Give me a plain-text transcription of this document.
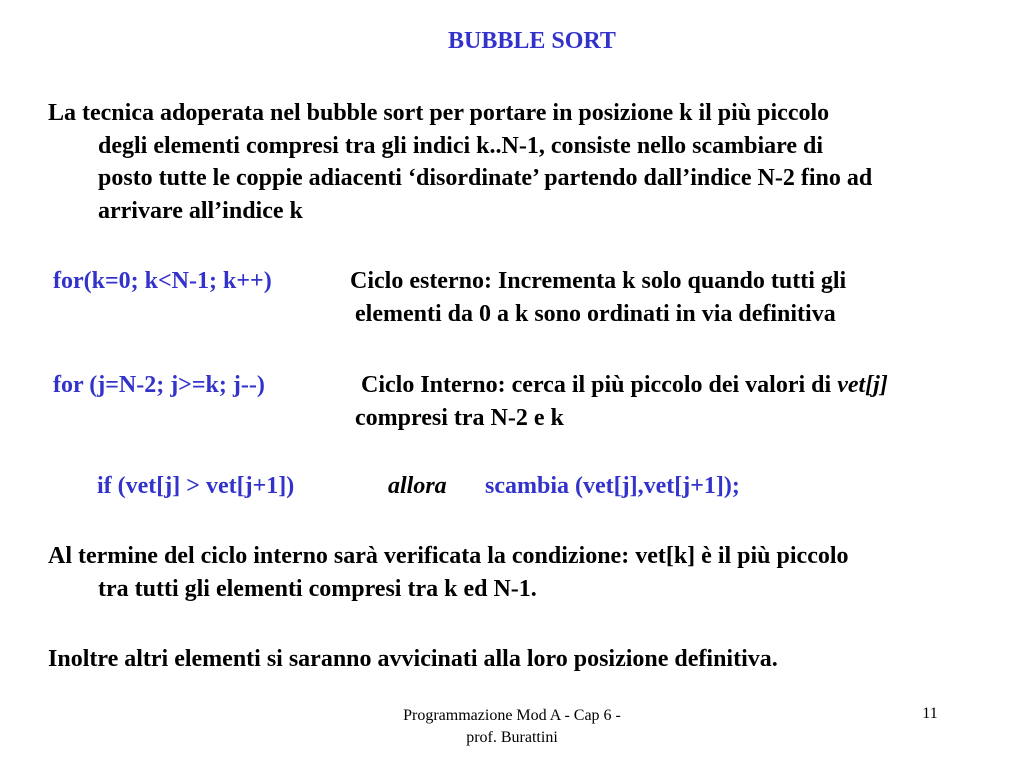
BUBBLE SORT
La tecnica adoperata nel bubble sort per portare in posizione k il più piccolo
degli elementi compresi tra gli indici k..N-1, consiste nello scambiare di
posto tutte le coppie adiacenti ‘disordinate’ partendo dall’indice N-2 fino ad
arrivare all’indice k
for(k=0; k<N-1; k++)	Ciclo esterno: Incrementa k solo quando tutti gli
elementi da 0 a k sono ordinati in via definitiva
for (j=N-2; j>=k; j--)	Ciclo Interno: cerca il più piccolo dei valori di vet[j]
compresi tra N-2 e k
if (vet[j] > vet[j+1])	allora scambia (vet[j],vet[j+1]);
Al termine del ciclo interno sarà verificata la condizione: vet[k] è il più piccolo
tra tutti gli elementi compresi tra k ed N-1.
Inoltre altri elementi si saranno avvicinati alla loro posizione definitiva.
Programmazione Mod A - Cap 6 -
prof. Burattini
11
